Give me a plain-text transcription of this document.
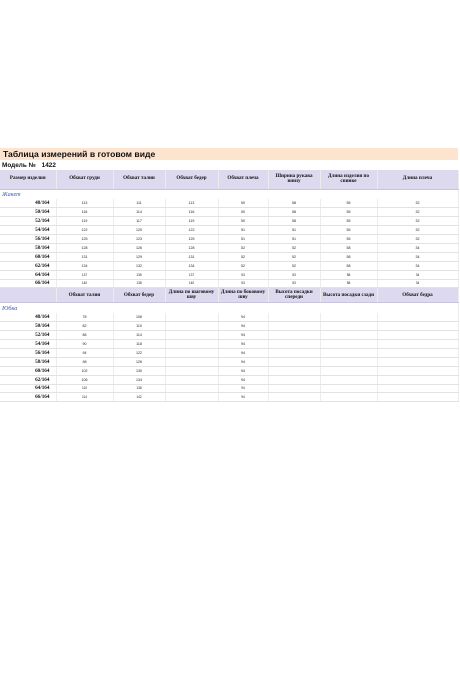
Таблица измерений в готовом виде
Модель № 1422
Размер изделия	Обхват груди	Обхват талии	Обхват бедер	Обхват плеча	Ширина рукава внизу	Длина изделия по спинке	Длина плеча
Жакет							
48/164	113	111	113	50	58	55	32
50/164	116	114	116	50	58	55	32
52/164	119	117	119	50	58	55	32
54/164	122	120	122	51	51	55	32
56/164	125	123	125	51	51	55	32
58/164	128	126	128	52	52	58	34
60/164	131	129	131	52	52	58	34
62/164	134	132	134	52	52	58	34
64/164	137	135	137	53	53	58	34
66/164	140	138	140	53	53	58	34
	Обхват талии	Обхват бедер	Длина по шаговому шву	Длина по боковому шву	Высота посадки спереди	Высота посадки сзади	Обхват бедра
Юбка							
48/164	78	106		94			
50/164	82	110		94			
52/164	86	114		94			
54/164	90	118		94			
56/164	94	122		94			
58/164	98	126		94			
60/164	102	130		94			
62/164	106	134		94			
64/164	110	138		94			
66/164	114	142		94			
